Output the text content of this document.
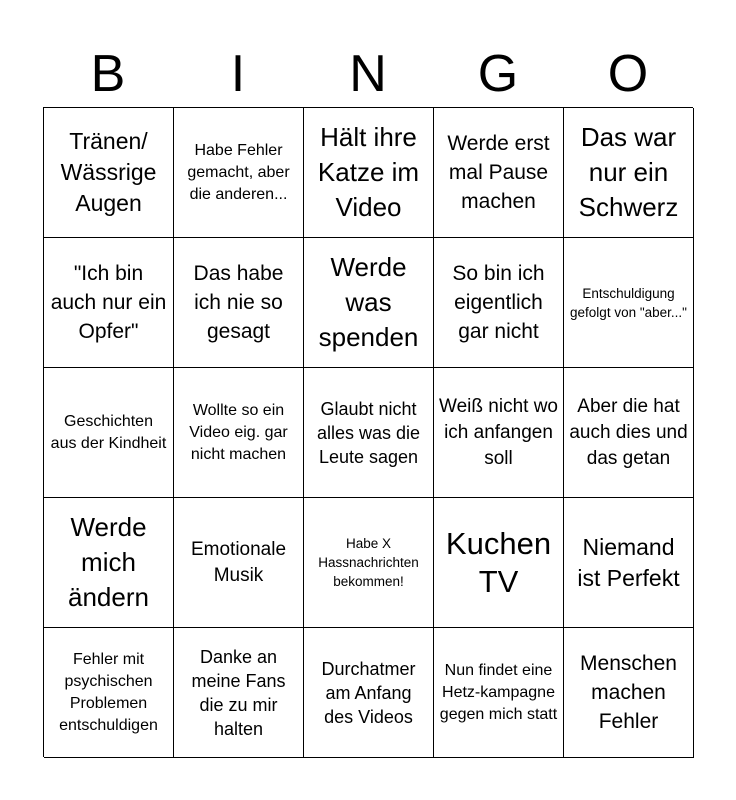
B	I	N	G	O
Tränen/ Wässrige Augen
Habe Fehler gemacht, aber die anderen...
Hält ihre Katze im Video
Werde erst mal Pause machen
Das war nur ein Schwerz
"Ich bin auch nur ein Opfer"
Das habe ich nie so gesagt
Werde was spenden
So bin ich eigentlich gar nicht
Entschuldigung gefolgt von "aber..."
Geschichten aus der Kindheit
Wollte so ein Video eig. gar nicht machen
Glaubt nicht alles was die Leute sagen
Weiß nicht wo ich anfangen soll
Aber die hat auch dies und das getan
Werde mich ändern
Emotionale Musik
Habe X Hassnachrichten bekommen!
Kuchen TV
Niemand ist Perfekt
Fehler mit psychischen Problemen entschuldigen
Danke an meine Fans die zu mir halten
Durchatmer am Anfang des Videos
Nun findet eine Hetz-kampagne gegen mich statt
Menschen machen Fehler
